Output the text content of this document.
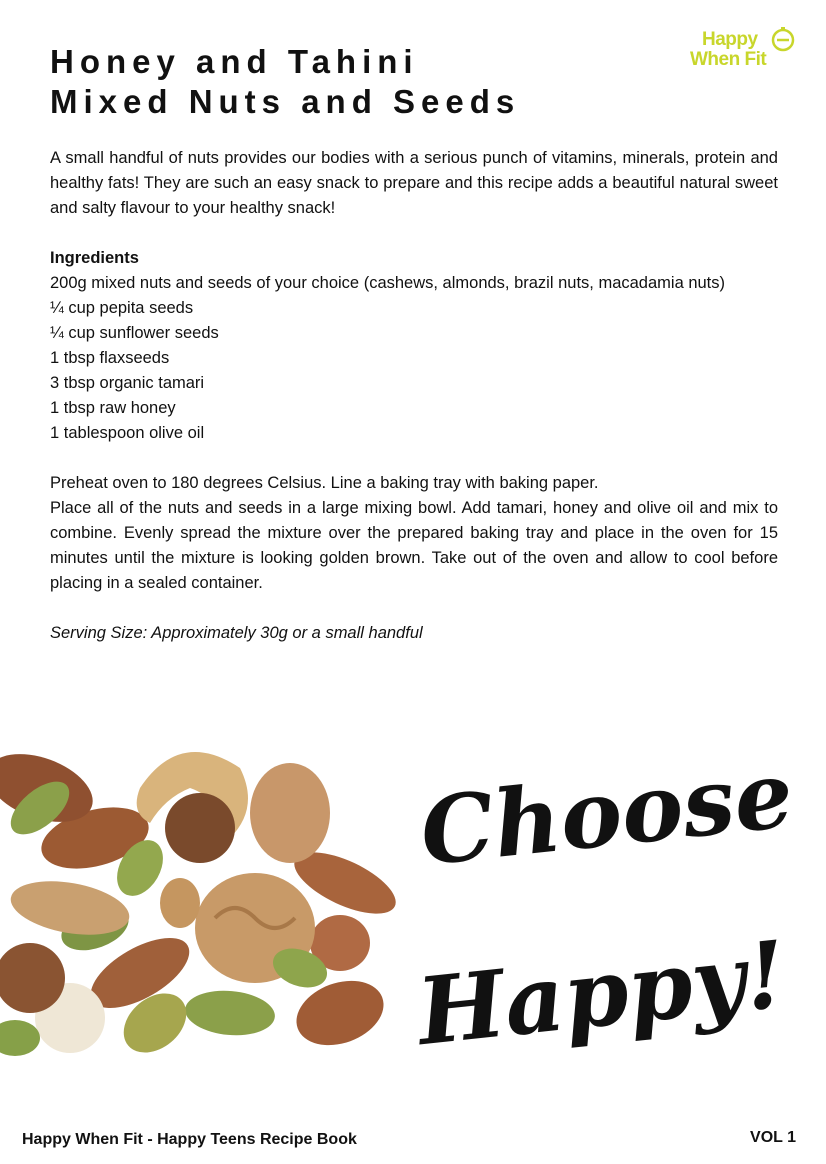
Honey and Tahini
Mixed Nuts and Seeds
Happy
When Fit

A small handful of nuts provides our bodies with a serious punch of vitamins, minerals, protein and healthy fats! They are such an easy snack to prepare and this recipe adds a beautiful natural sweet and salty flavour to your healthy snack!

Ingredients

200g mixed nuts and seeds of your choice (cashews, almonds, brazil nuts, macadamia nuts)

¼ cup pepita seeds

¼ cup sunflower seeds

1 tbsp flaxseeds

3 tbsp organic tamari

1 tbsp raw honey

1 tablespoon olive oil

Preheat oven to 180 degrees Celsius. Line a baking tray with baking paper.

Place all of the nuts and seeds in a large mixing bowl. Add tamari, honey and olive oil and mix to combine. Evenly spread the mixture over the prepared baking tray and place in the oven for 15 minutes until the mixture is looking golden brown. Take out of the oven and allow to cool before placing in a sealed container.

Serving Size: Approximately 30g or a small handful

Choose
Happy!
Happy When Fit - Happy Teens Recipe Book	VOL 1
